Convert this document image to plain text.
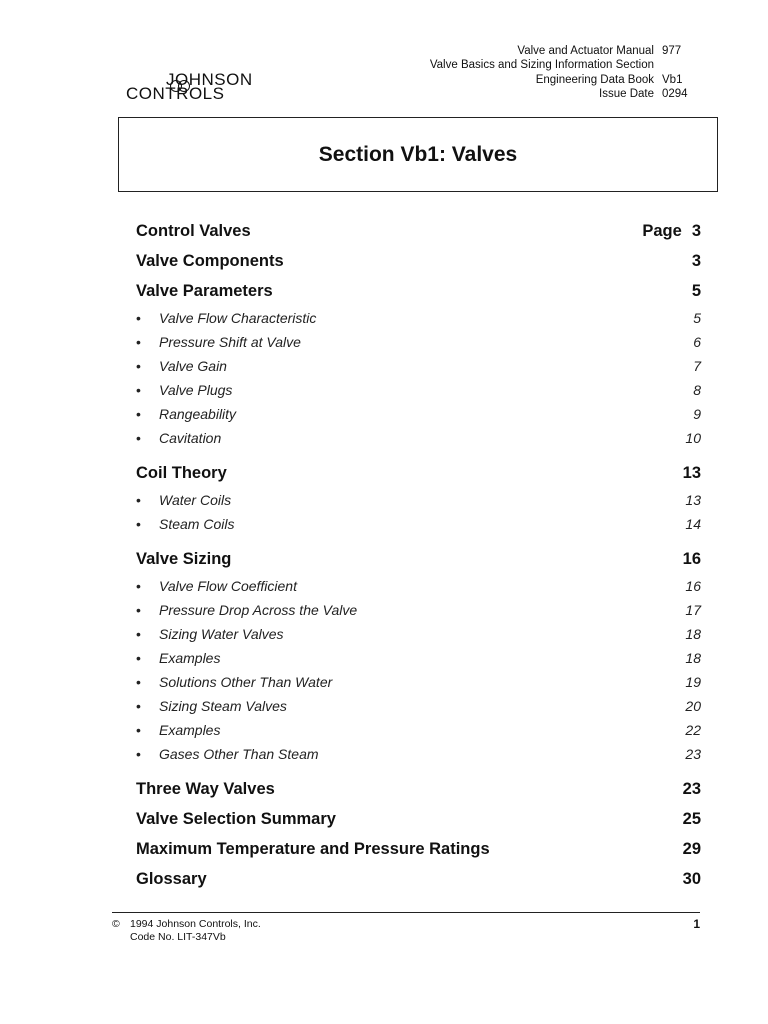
JOHNSON
CONTROLS
Valve and Actuator Manual 977
Valve Basics and Sizing Information Section
Engineering Data Book Vb1
Issue Date 0294
Section Vb1: Valves
Control Valves	Page 3
Valve Components	3
Valve Parameters	5
•	Valve Flow Characteristic	5
•	Pressure Shift at Valve	6
•	Valve Gain	7
•	Valve Plugs	8
•	Rangeability	9
•	Cavitation	10
Coil Theory	13
•	Water Coils	13
•	Steam Coils	14
Valve Sizing	16
•	Valve Flow Coefficient	16
•	Pressure Drop Across the Valve	17
•	Sizing Water Valves	18
•	Examples	18
•	Solutions Other Than Water	19
•	Sizing Steam Valves	20
•	Examples	22
•	Gases Other Than Steam	23
Three Way Valves	23
Valve Selection Summary	25
Maximum Temperature and Pressure Ratings	29
Glossary	30
© 1994 Johnson Controls, Inc.
Code No. LIT-347Vb
1
